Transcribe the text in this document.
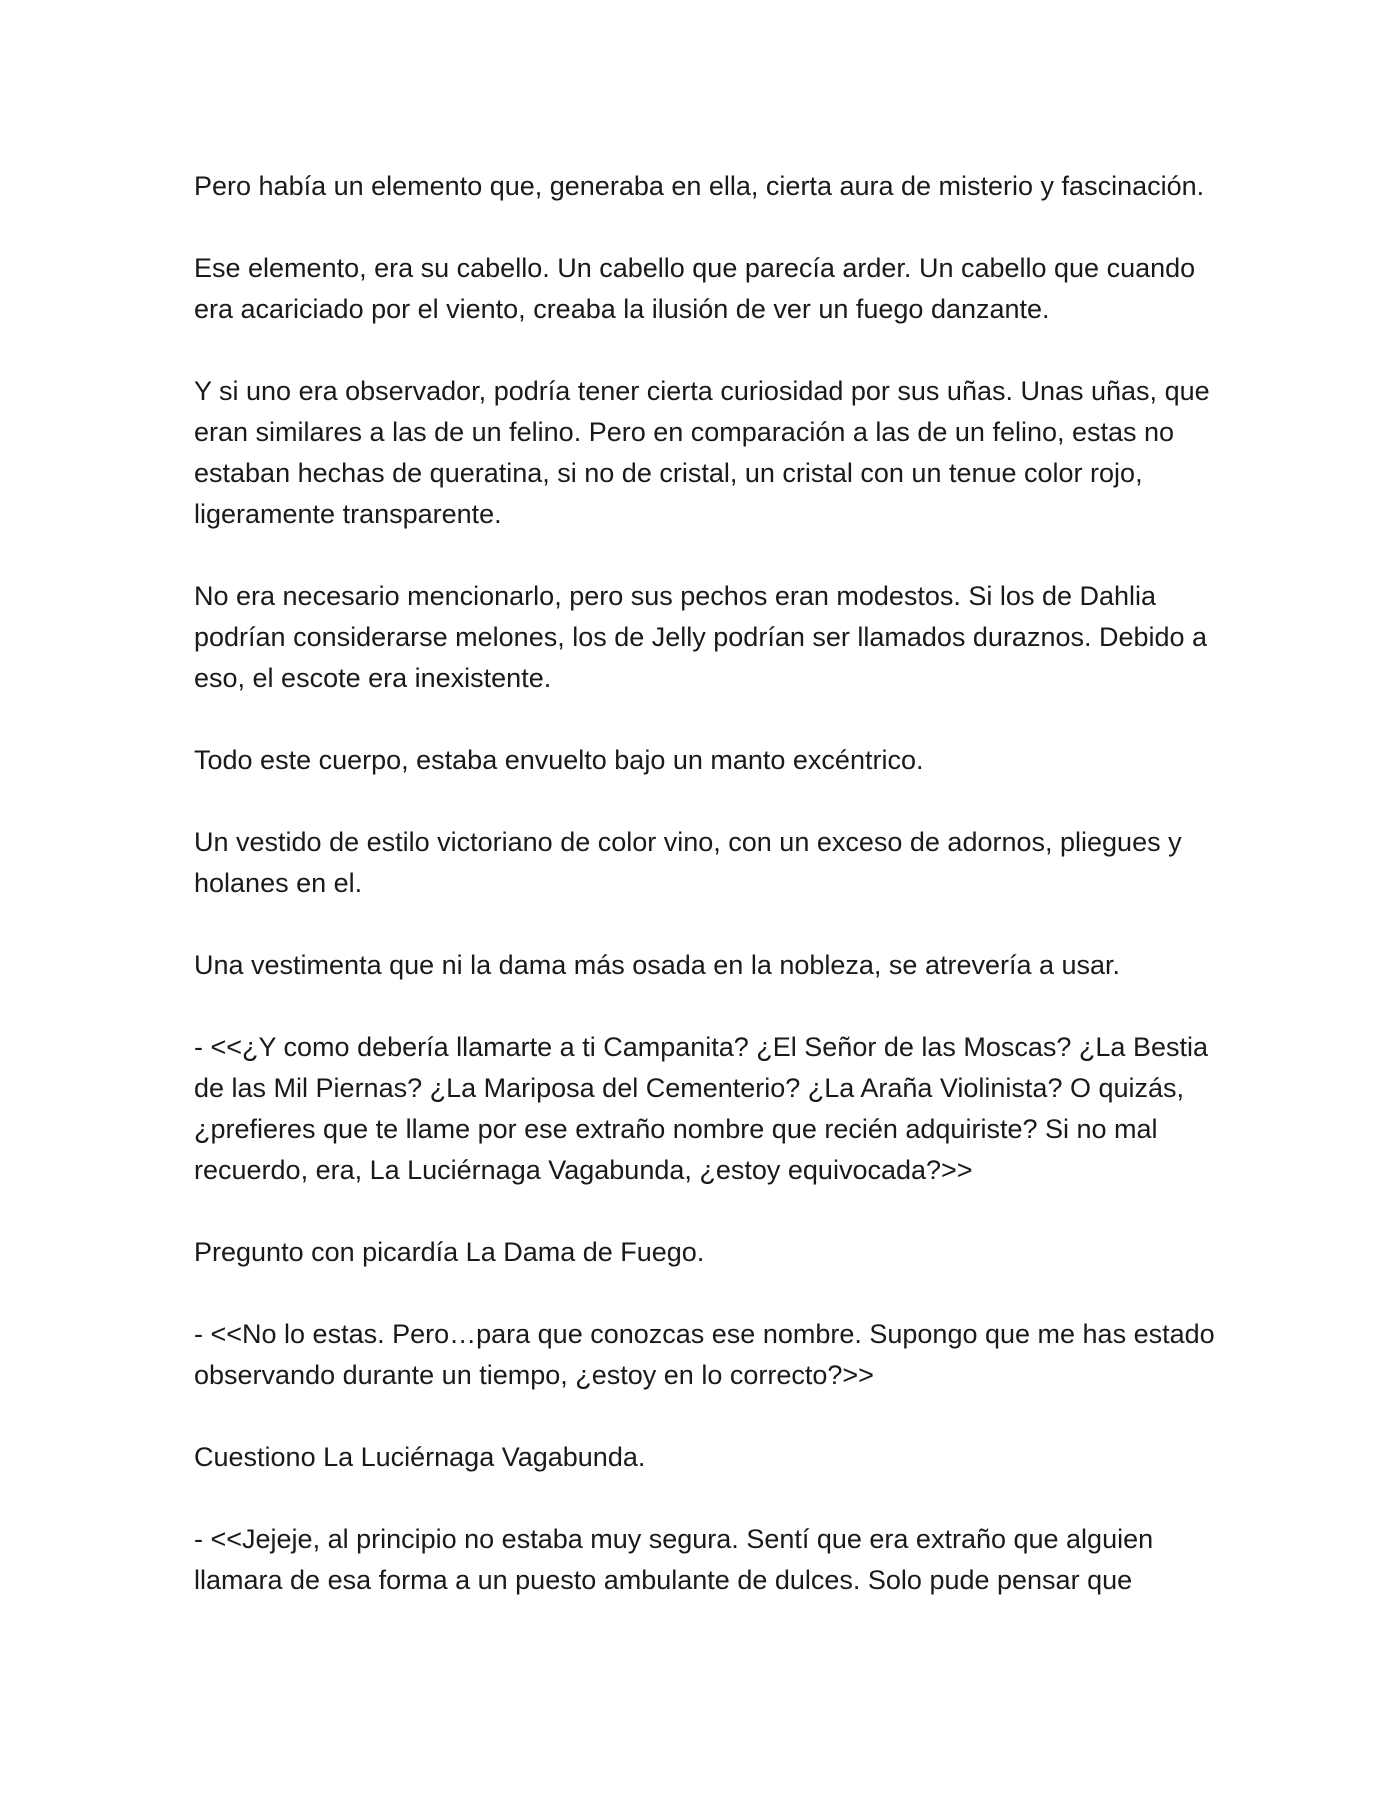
Pero había un elemento que, generaba en ella, cierta aura de misterio y fascinación.

Ese elemento, era su cabello. Un cabello que parecía arder. Un cabello que cuando era acariciado por el viento, creaba la ilusión de ver un fuego danzante.

Y si uno era observador, podría tener cierta curiosidad por sus uñas. Unas uñas, que eran similares a las de un felino. Pero en comparación a las de un felino, estas no estaban hechas de queratina, si no de cristal, un cristal con un tenue color rojo, ligeramente transparente.

No era necesario mencionarlo, pero sus pechos eran modestos. Si los de Dahlia podrían considerarse melones, los de Jelly podrían ser llamados duraznos. Debido a eso, el escote era inexistente.

Todo este cuerpo, estaba envuelto bajo un manto excéntrico.

Un vestido de estilo victoriano de color vino, con un exceso de adornos, pliegues y holanes en el.

Una vestimenta que ni la dama más osada en la nobleza, se atrevería a usar.

- <<¿Y como debería llamarte a ti Campanita? ¿El Señor de las Moscas? ¿La Bestia de las Mil Piernas? ¿La Mariposa del Cementerio? ¿La Araña Violinista? O quizás, ¿prefieres que te llame por ese extraño nombre que recién adquiriste? Si no mal recuerdo, era, La Luciérnaga Vagabunda, ¿estoy equivocada?>>

Pregunto con picardía La Dama de Fuego.

- <<No lo estas. Pero…para que conozcas ese nombre. Supongo que me has estado observando durante un tiempo, ¿estoy en lo correcto?>>

Cuestiono La Luciérnaga Vagabunda.

- <<Jejeje, al principio no estaba muy segura. Sentí que era extraño que alguien llamara de esa forma a un puesto ambulante de dulces. Solo pude pensar que
